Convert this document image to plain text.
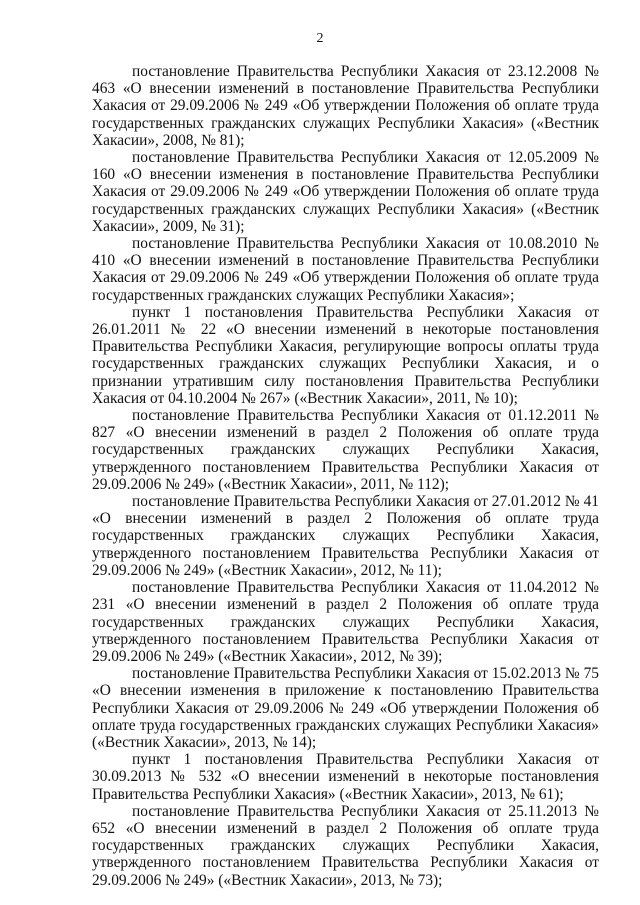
2

постановление Правительства Республики Хакасия от 23.12.2008 № 463 «О внесении изменений в постановление Правительства Республики Хакасия от 29.09.2006 № 249 «Об утверждении Положения об оплате труда государственных гражданских служащих Республики Хакасия» («Вестник Хакасии», 2008, № 81);

постановление Правительства Республики Хакасия от 12.05.2009 № 160 «О внесении изменения в постановление Правительства Республики Хакасия от 29.09.2006 № 249 «Об утверждении Положения об оплате труда государственных гражданских служащих Республики Хакасия» («Вестник Хакасии», 2009, № 31);

постановление Правительства Республики Хакасия от 10.08.2010 № 410 «О внесении изменений в постановление Правительства Республики Хакасия от 29.09.2006 № 249 «Об утверждении Положения об оплате труда государственных гражданских служащих Республики Хакасия»;

пункт 1 постановления Правительства Республики Хакасия от 26.01.2011 № 22 «О внесении изменений в некоторые постановления Правительства Республики Хакасия, регулирующие вопросы оплаты труда государственных гражданских служащих Республики Хакасия, и о признании утратившим силу постановления Правительства Республики Хакасия от 04.10.2004 № 267» («Вестник Хакасии», 2011, № 10);

постановление Правительства Республики Хакасия от 01.12.2011 № 827 «О внесении изменений в раздел 2 Положения об оплате труда государственных гражданских служащих Республики Хакасия, утвержденного постановлением Правительства Республики Хакасия от 29.09.2006 № 249» («Вестник Хакасии», 2011, № 112);

постановление Правительства Республики Хакасия от 27.01.2012 № 41 «О внесении изменений в раздел 2 Положения об оплате труда государственных гражданских служащих Республики Хакасия, утвержденного постановлением Правительства Республики Хакасия от 29.09.2006 № 249» («Вестник Хакасии», 2012, № 11);

постановление Правительства Республики Хакасия от 11.04.2012 № 231 «О внесении изменений в раздел 2 Положения об оплате труда государственных гражданских служащих Республики Хакасия, утвержденного постановлением Правительства Республики Хакасия от 29.09.2006 № 249» («Вестник Хакасии», 2012, № 39);

постановление Правительства Республики Хакасия от 15.02.2013 № 75 «О внесении изменения в приложение к постановлению Правительства Республики Хакасия от 29.09.2006 № 249 «Об утверждении Положения об оплате труда государственных гражданских служащих Республики Хакасия» («Вестник Хакасии», 2013, № 14);

пункт 1 постановления Правительства Республики Хакасия от 30.09.2013 № 532 «О внесении изменений в некоторые постановления Правительства Республики Хакасия» («Вестник Хакасии», 2013, № 61);

постановление Правительства Республики Хакасия от 25.11.2013 № 652 «О внесении изменений в раздел 2 Положения об оплате труда государственных гражданских служащих Республики Хакасия, утвержденного постановлением Правительства Республики Хакасия от 29.09.2006 № 249» («Вестник Хакасии», 2013, № 73);
